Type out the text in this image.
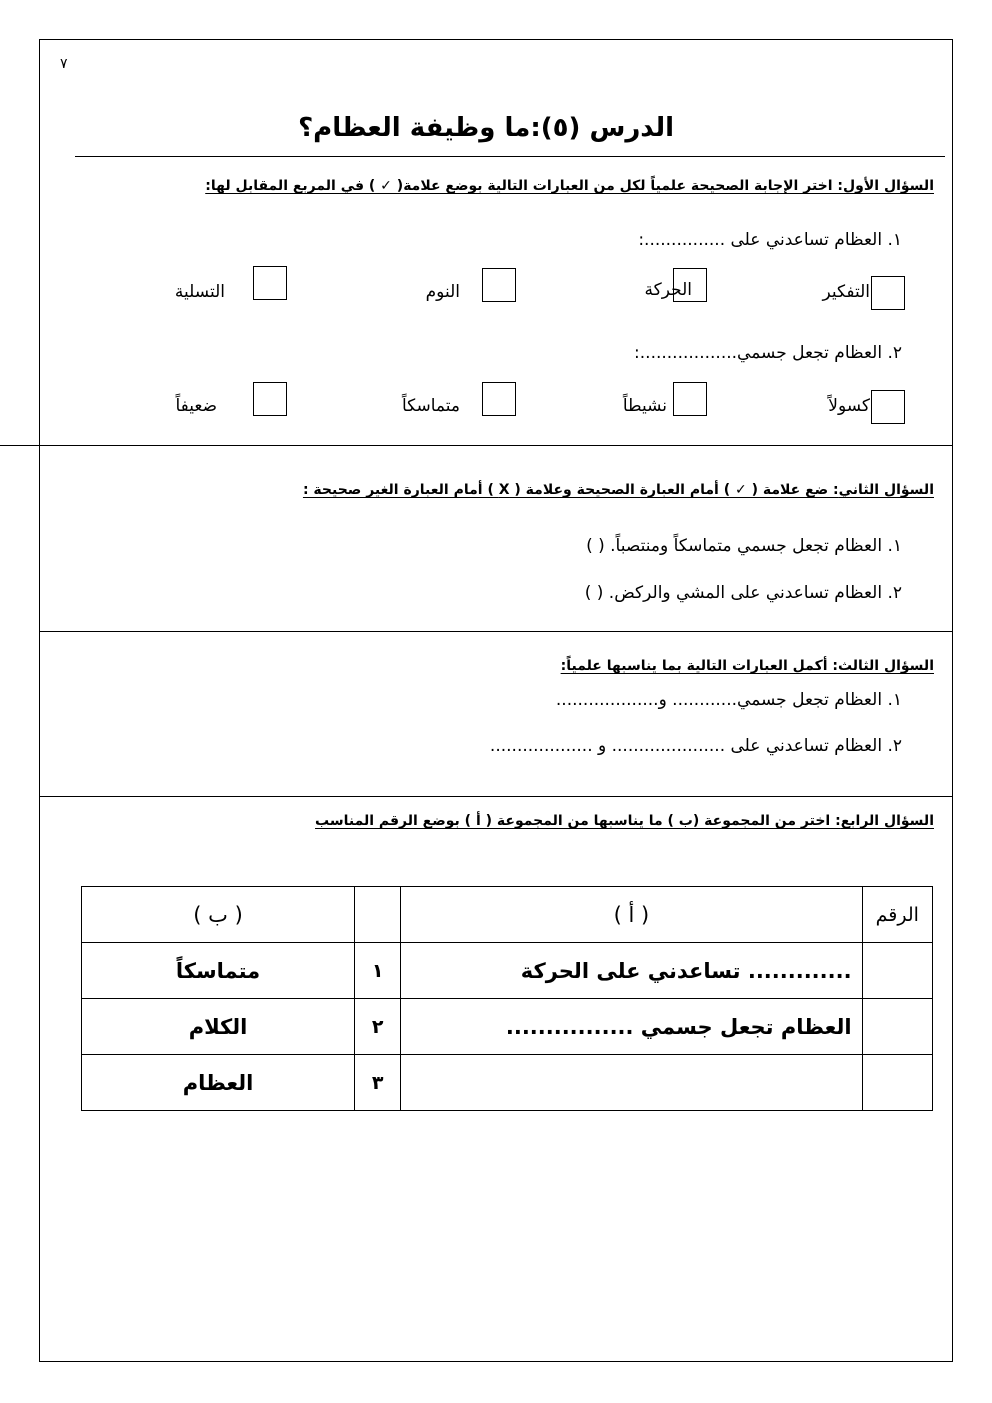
٧
الدرس (٥):ما وظيفة العظام؟
السؤال الأول: اختر الإجابة الصحيحة علمياً لكل من العبارات التالية بوضع علامة( ✓ ) في المربع المقابل لها:
١. العظام تساعدني على ...............:
التفكير
الحركة
النوم
التسلية
٢. العظام تجعل جسمي..................:
كسولاً
نشيطاً
متماسكاً
ضعيفاً
السؤال الثاني: ضع علامة ( ✓ ) أمام العبارة الصحيحة وعلامة ( X ) أمام العبارة الغير صحيحة :
١. العظام تجعل جسمي متماسكاً ومنتصباً. ( )
٢. العظام تساعدني على المشي والركض. ( )
السؤال الثالث: أكمل العبارات التالية بما يناسبها علمياً:
١. العظام تجعل جسمي............ و...................
٢. العظام تساعدني على ..................... و ...................
السؤال الرابع: اختر من المجموعة (ب ) ما يناسبها من المجموعة ( أ ) بوضع الرقم المناسب
الرقم	( أ )		( ب )
	............. تساعدني على الحركة	١	متماسكاً
	العظام تجعل جسمي ................	٢	الكلام
		٣	العظام
